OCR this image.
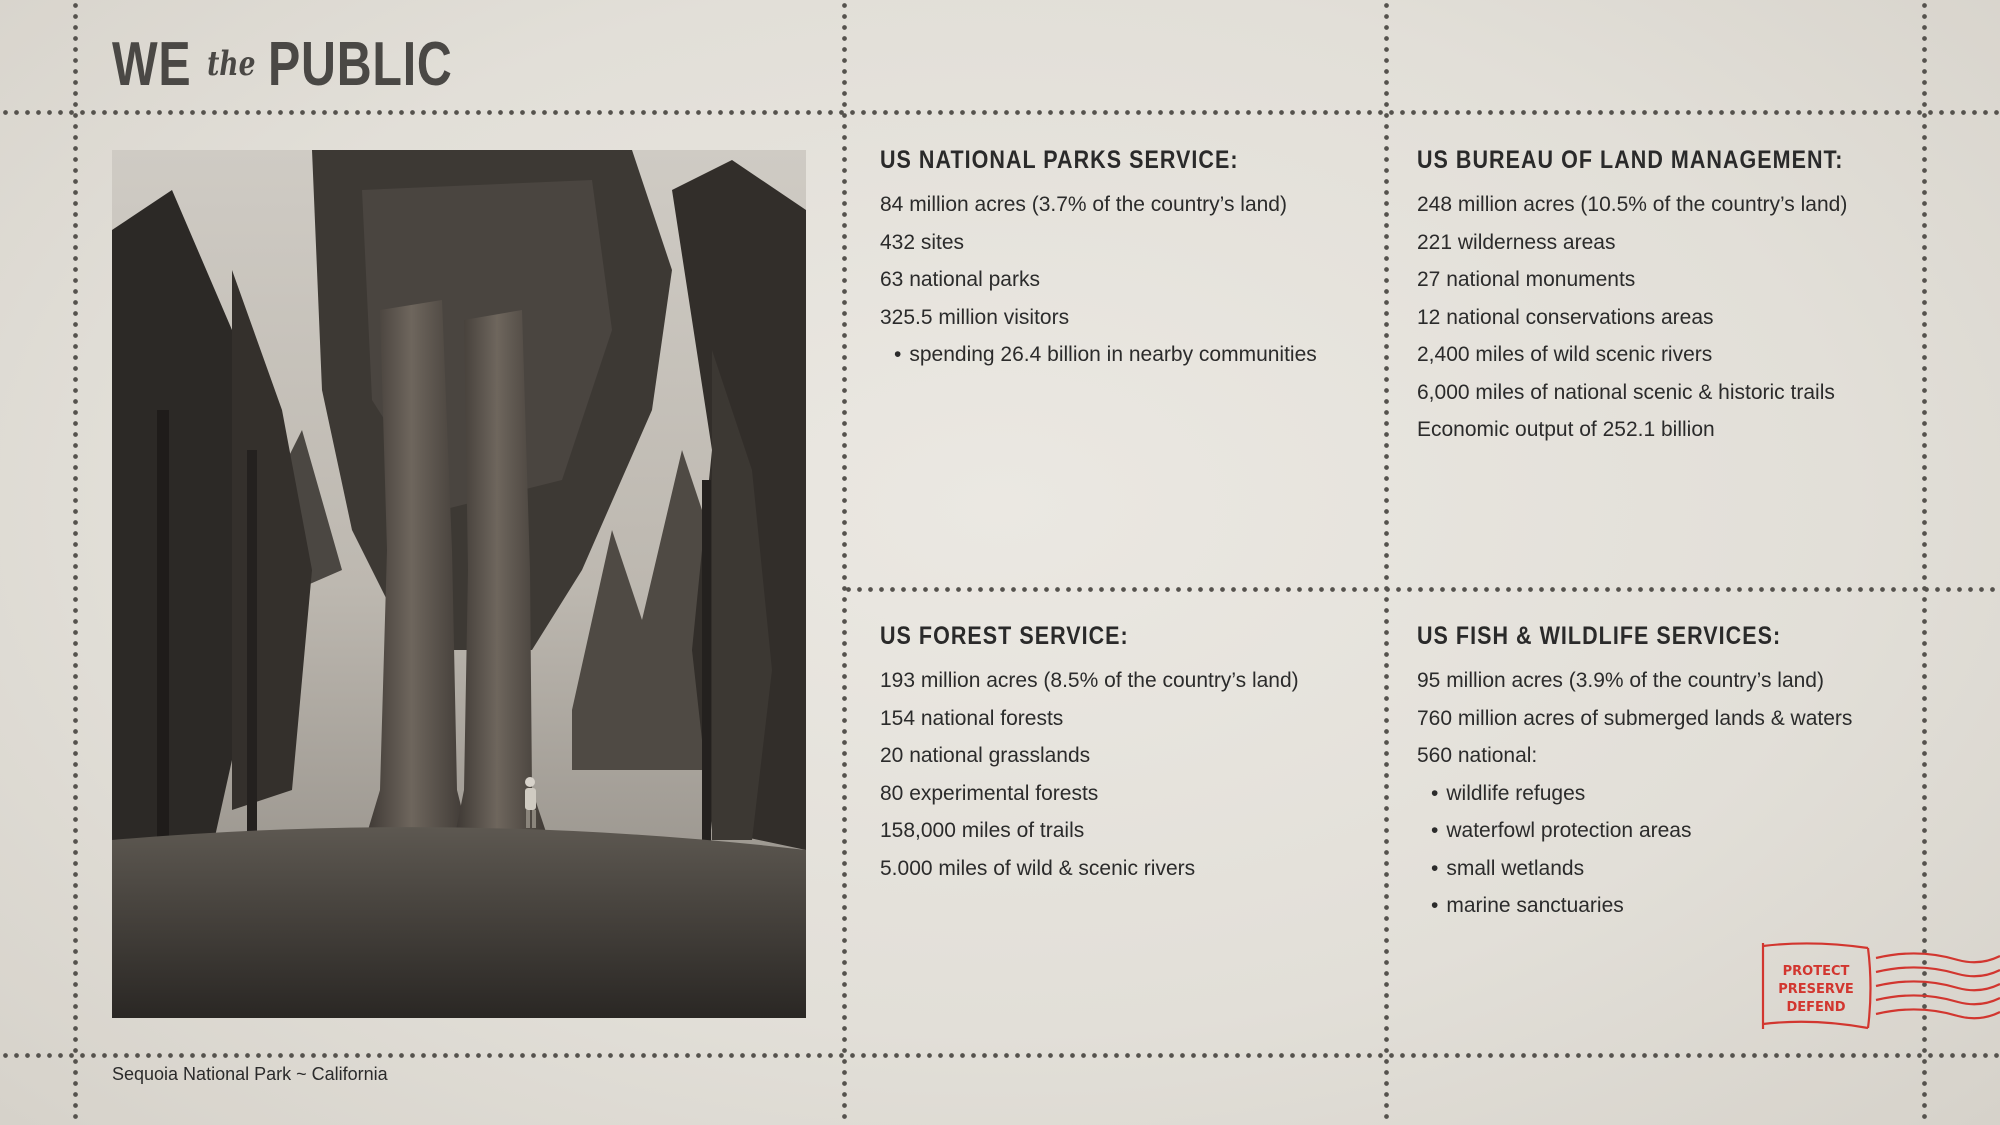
WE the PUBLIC
Sequoia National Park ~ California
US NATIONAL PARKS SERVICE:
84 million acres (3.7% of the country’s land)
432 sites
63 national parks
325.5 million visitors
• spending 26.4 billion in nearby communities
US BUREAU OF LAND MANAGEMENT:
248 million acres (10.5% of the country’s land)
221 wilderness areas
27 national monuments
12 national conservations areas
2,400 miles of wild scenic rivers
6,000 miles of national scenic & historic trails
Economic output of 252.1 billion
US FOREST SERVICE:
193 million acres (8.5% of the country’s land)
154 national forests
20 national grasslands
80 experimental forests
158,000 miles of trails
5.000 miles of wild & scenic rivers
US FISH & WILDLIFE SERVICES:
95 million acres (3.9% of the country’s land)
760 million acres of submerged lands & waters
560 national:
• wildlife refuges
• waterfowl protection areas
• small wetlands
• marine sanctuaries
PROTECT
PRESERVE
DEFEND
